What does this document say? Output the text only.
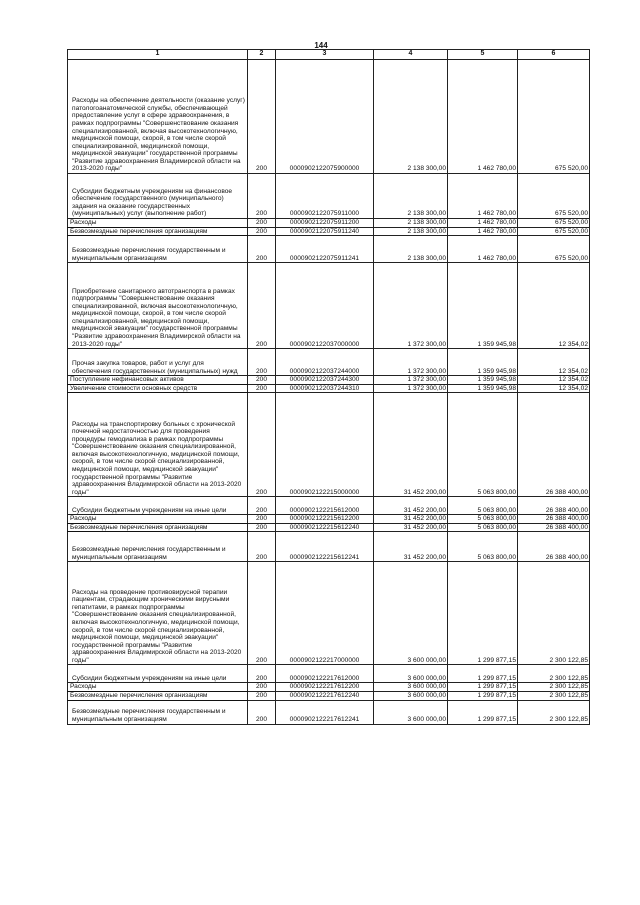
144
1	2	3	4	5	6
Расходы на обеспечение деятельности (оказание услуг) патологоанатомической службы, обеспечивающей предоставление услуг в сфере здравоохранения, в рамках подпрограммы "Совершенствование оказания специализированной, включая высокотехнологичную, медицинской помощи, скорой, в том числе скорой специализированной, медицинской помощи, медицинской эвакуации" государственной программы "Развитие здравоохранения Владимирской области на 2013-2020 годы"	200	0000902122075900000	2 138 300,00	1 462 780,00	675 520,00
Субсидии бюджетным учреждениям на финансовое обеспечение государственного (муниципального) задания на оказание государственных (муниципальных) услуг (выполнение работ)	200	0000902122075911000	2 138 300,00	1 462 780,00	675 520,00
Расходы	200	0000902122075911200	2 138 300,00	1 462 780,00	675 520,00
Безвозмездные перечисления организациям	200	0000902122075911240	2 138 300,00	1 462 780,00	675 520,00
Безвозмездные перечисления государственным и муниципальным организациям	200	0000902122075911241	2 138 300,00	1 462 780,00	675 520,00
Приобретение санитарного автотранспорта в рамках подпрограммы "Совершенствование оказания специализированной, включая высокотехнологичную, медицинской помощи, скорой, в том числе скорой специализированной, медицинской помощи, медицинской эвакуации" государственной программы "Развитие здравоохранения Владимирской области на 2013-2020 годы"	200	0000902122037000000	1 372 300,00	1 359 945,98	12 354,02
Прочая закупка товаров, работ и услуг для обеспечения государственных (муниципальных) нужд	200	0000902122037244000	1 372 300,00	1 359 945,98	12 354,02
Поступление нефинансовых активов	200	0000902122037244300	1 372 300,00	1 359 945,98	12 354,02
Увеличение стоимости основных средств	200	0000902122037244310	1 372 300,00	1 359 945,98	12 354,02
Расходы на транспортировку больных с хронической почечной недостаточностью для проведения процедуры гемодиализа в рамках подпрограммы "Совершенствование оказания специализированной, включая высокотехнологичную, медицинской помощи, скорой, в том числе скорой специализированной, медицинской помощи, медицинской эвакуации" государственной программы "Развитие здравоохранения Владимирской области на 2013-2020 годы"	200	0000902122215000000	31 452 200,00	5 063 800,00	26 388 400,00
Субсидии бюджетным учреждениям на иные цели	200	0000902122215612000	31 452 200,00	5 063 800,00	26 388 400,00
Расходы	200	0000902122215612200	31 452 200,00	5 063 800,00	26 388 400,00
Безвозмездные перечисления организациям	200	0000902122215612240	31 452 200,00	5 063 800,00	26 388 400,00
Безвозмездные перечисления государственным и муниципальным организациям	200	0000902122215612241	31 452 200,00	5 063 800,00	26 388 400,00
Расходы на проведение противовирусной терапии пациентам, страдающим хроническими вирусными гепатитами, в рамках подпрограммы "Совершенствование оказания специализированной, включая высокотехнологичную, медицинской помощи, скорой, в том числе скорой специализированной, медицинской помощи, медицинской эвакуации" государственной программы "Развитие здравоохранения Владимирской области на 2013-2020 годы"	200	0000902122217000000	3 600 000,00	1 299 877,15	2 300 122,85
Субсидии бюджетным учреждениям на иные цели	200	0000902122217612000	3 600 000,00	1 299 877,15	2 300 122,85
Расходы	200	0000902122217612200	3 600 000,00	1 299 877,15	2 300 122,85
Безвозмездные перечисления организациям	200	0000902122217612240	3 600 000,00	1 299 877,15	2 300 122,85
Безвозмездные перечисления государственным и муниципальным организациям	200	0000902122217612241	3 600 000,00	1 299 877,15	2 300 122,85
